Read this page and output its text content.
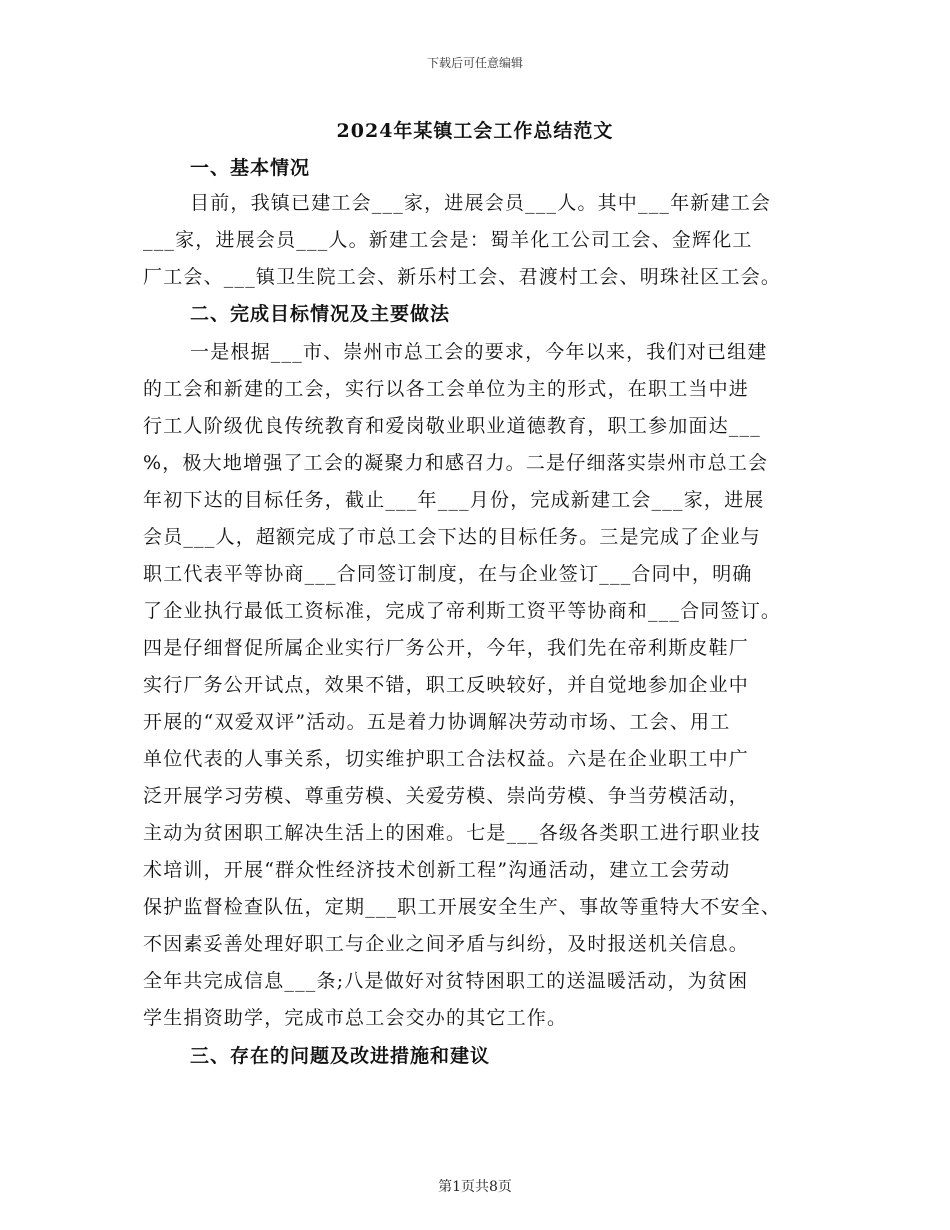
下载后可任意编辑
2024年某镇工会工作总结范文
一、基本情况
目前，我镇已建工会___家，进展会员___人。其中___年新建工会
___家，进展会员___人。新建工会是：蜀羊化工公司工会、金辉化工
厂工会、___镇卫生院工会、新乐村工会、君渡村工会、明珠社区工会。
二、完成目标情况及主要做法
一是根据___市、崇州市总工会的要求，今年以来，我们对已组建
的工会和新建的工会，实行以各工会单位为主的形式，在职工当中进
行工人阶级优良传统教育和爱岗敬业职业道德教育，职工参加面达___
%，极大地增强了工会的凝聚力和感召力。二是仔细落实崇州市总工会
年初下达的目标任务，截止___年___月份，完成新建工会___家，进展
会员___人，超额完成了市总工会下达的目标任务。三是完成了企业与
职工代表平等协商___合同签订制度，在与企业签订___合同中，明确
了企业执行最低工资标准，完成了帝利斯工资平等协商和___合同签订。
四是仔细督促所属企业实行厂务公开，今年，我们先在帝利斯皮鞋厂
实行厂务公开试点，效果不错，职工反映较好，并自觉地参加企业中
开展的“双爱双评”活动。五是着力协调解决劳动市场、工会、用工
单位代表的人事关系，切实维护职工合法权益。六是在企业职工中广
泛开展学习劳模、尊重劳模、关爱劳模、崇尚劳模、争当劳模活动，
主动为贫困职工解决生活上的困难。七是___各级各类职工进行职业技
术培训，开展“群众性经济技术创新工程”沟通活动，建立工会劳动
保护监督检查队伍，定期___职工开展安全生产、事故等重特大不安全、
不因素妥善处理好职工与企业之间矛盾与纠纷，及时报送机关信息。
全年共完成信息___条;八是做好对贫特困职工的送温暖活动，为贫困
学生捐资助学，完成市总工会交办的其它工作。
三、存在的问题及改进措施和建议
第1页共8页
